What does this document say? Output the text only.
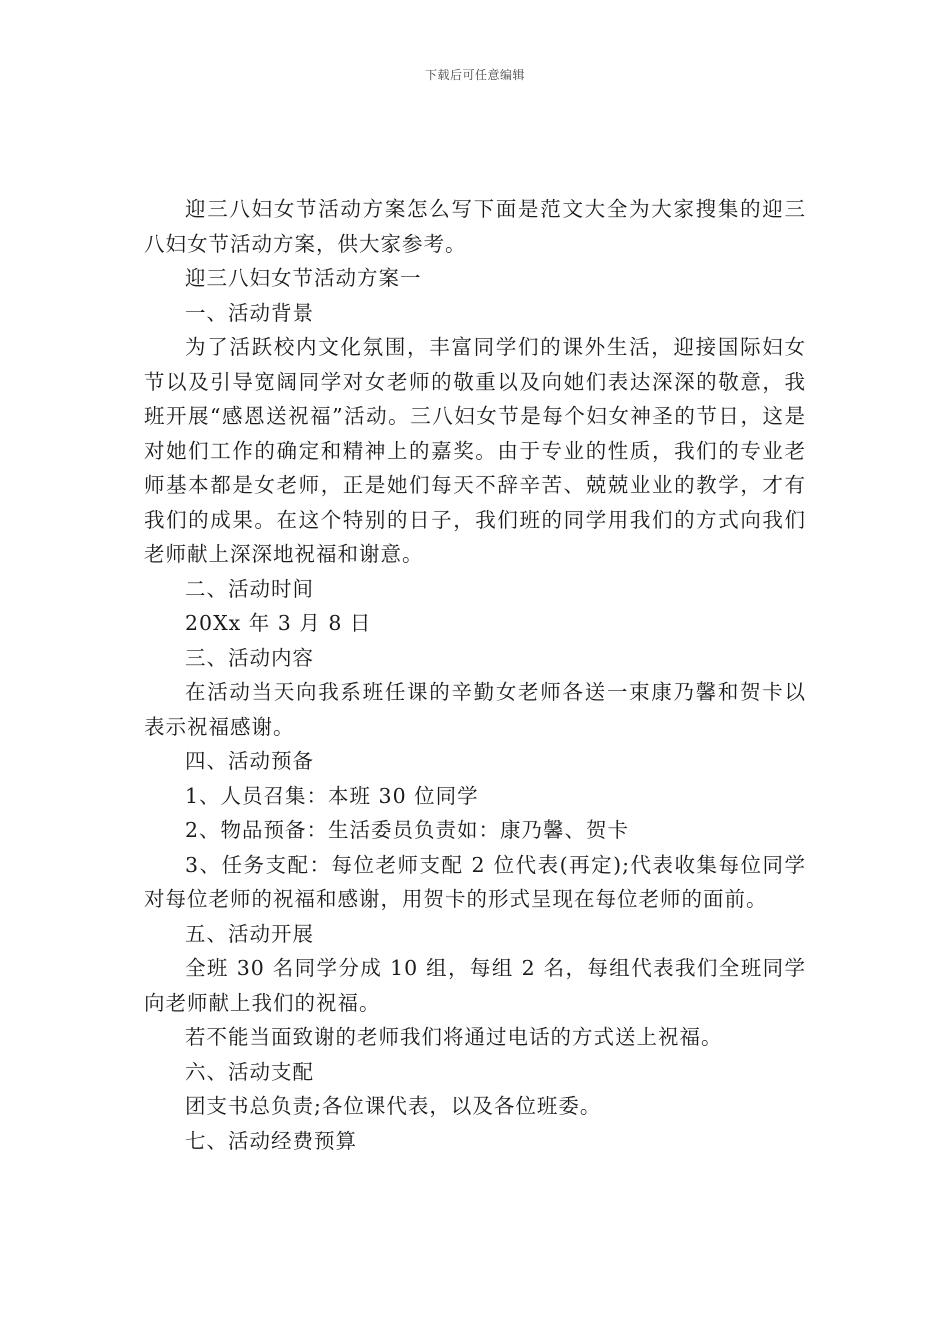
下载后可任意编辑

迎三八妇女节活动方案怎么写下面是范文大全为大家搜集的迎三八妇女节活动方案，供大家参考。

迎三八妇女节活动方案一

一、活动背景

为了活跃校内文化氛围，丰富同学们的课外生活，迎接国际妇女节以及引导宽阔同学对女老师的敬重以及向她们表达深深的敬意，我班开展“感恩送祝福”活动。三八妇女节是每个妇女神圣的节日，这是对她们工作的确定和精神上的嘉奖。由于专业的性质，我们的专业老师基本都是女老师，正是她们每天不辞辛苦、兢兢业业的教学，才有我们的成果。在这个特别的日子，我们班的同学用我们的方式向我们老师献上深深地祝福和谢意。

二、活动时间

20Xx 年 3 月 8 日

三、活动内容

在活动当天向我系班任课的辛勤女老师各送一束康乃馨和贺卡以表示祝福感谢。

四、活动预备

1、人员召集：本班 30 位同学

2、物品预备：生活委员负责如：康乃馨、贺卡

3、任务支配：每位老师支配 2 位代表(再定);代表收集每位同学对每位老师的祝福和感谢，用贺卡的形式呈现在每位老师的面前。

五、活动开展

全班 30 名同学分成 10 组，每组 2 名，每组代表我们全班同学向老师献上我们的祝福。

若不能当面致谢的老师我们将通过电话的方式送上祝福。

六、活动支配

团支书总负责;各位课代表，以及各位班委。

七、活动经费预算
